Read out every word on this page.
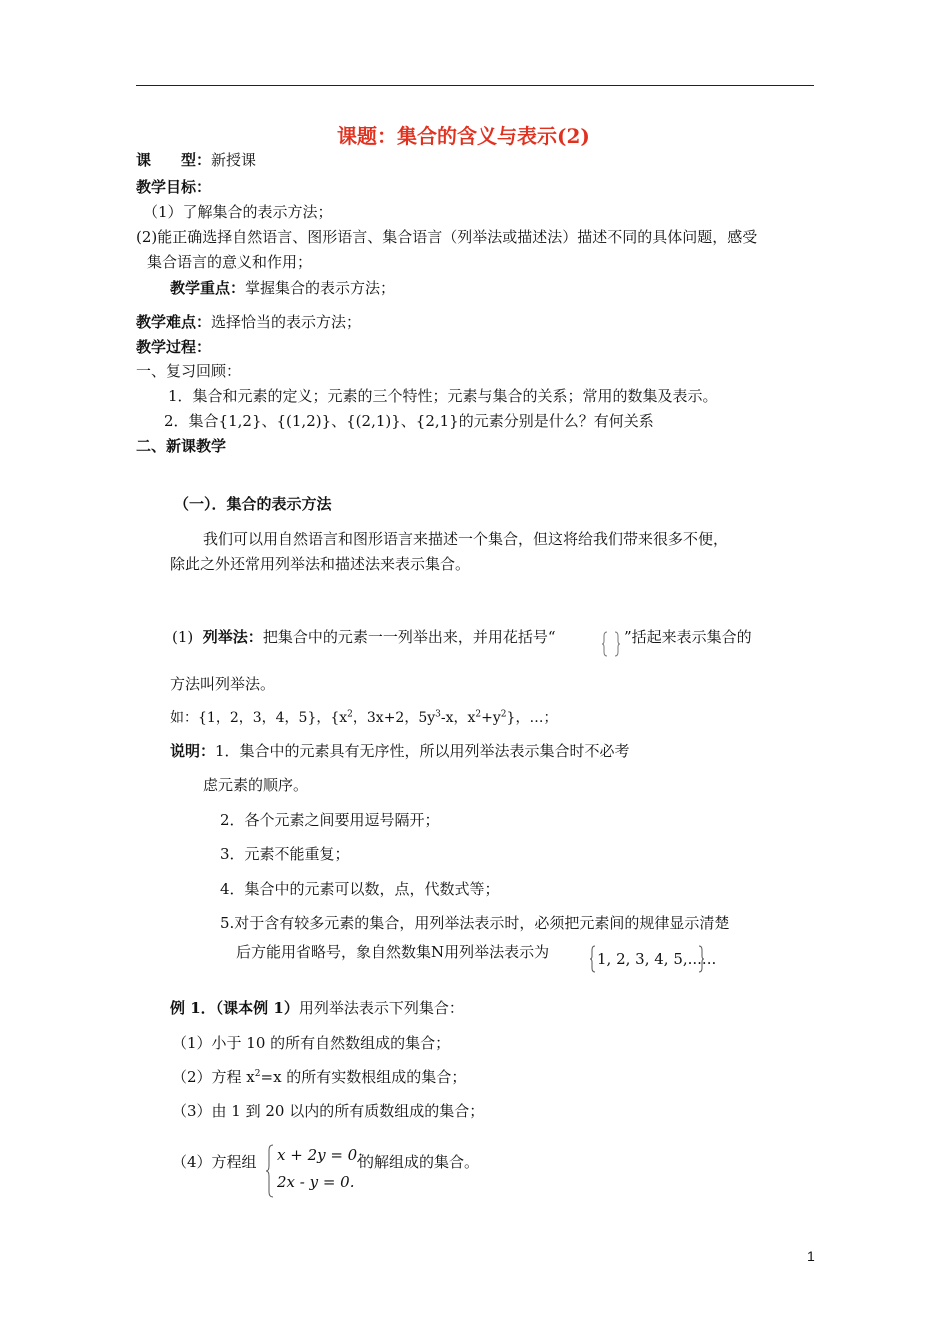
课题：集合的含义与表示(2)
课　　型：新授课
教学目标：
（1）了解集合的表示方法；
(2)能正确选择自然语言、图形语言、集合语言（列举法或描述法）描述不同的具体问题，感受
集合语言的意义和作用；
教学重点：掌握集合的表示方法；
教学难点：选择恰当的表示方法；
教学过程：
一、复习回顾：
1．集合和元素的定义；元素的三个特性；元素与集合的关系；常用的数集及表示。
2．集合{1,2}、{(1,2)}、{(2,1)}、{2,1}的元素分别是什么？有何关系
二、新课教学
（一）．集合的表示方法
我们可以用自然语言和图形语言来描述一个集合，但这将给我们带来很多不便，
除此之外还常用列举法和描述法来表示集合。
(1) 列举法：把集合中的元素一一列举出来，并用花括号“	”括起来表示集合的
方法叫列举法。
如：{1，2，3，4，5}，{$x^2$，3x+2，$5y^3-x$，$x^2+y^2$}，…；
说明：1．集合中的元素具有无序性，所以用列举法表示集合时不必考
虑元素的顺序。
2．各个元素之间要用逗号隔开；
3．元素不能重复；
4．集合中的元素可以数，点，代数式等；
5.对于含有较多元素的集合，用列举法表示时，必须把元素间的规律显示清楚
后方能用省略号，象自然数集N用列举法表示为	1, 2, 3, 4, 5,......
例 1．（课本例 1）用列举法表示下列集合：
（1）小于 10 的所有自然数组成的集合；
（2）方程 $x^2=x$ 的所有实数根组成的集合；
（3）由 1 到 20 以内的所有质数组成的集合；
（4）方程组 x + 2y = 0;
2x - y = 0.
的解组成的集合。
1
